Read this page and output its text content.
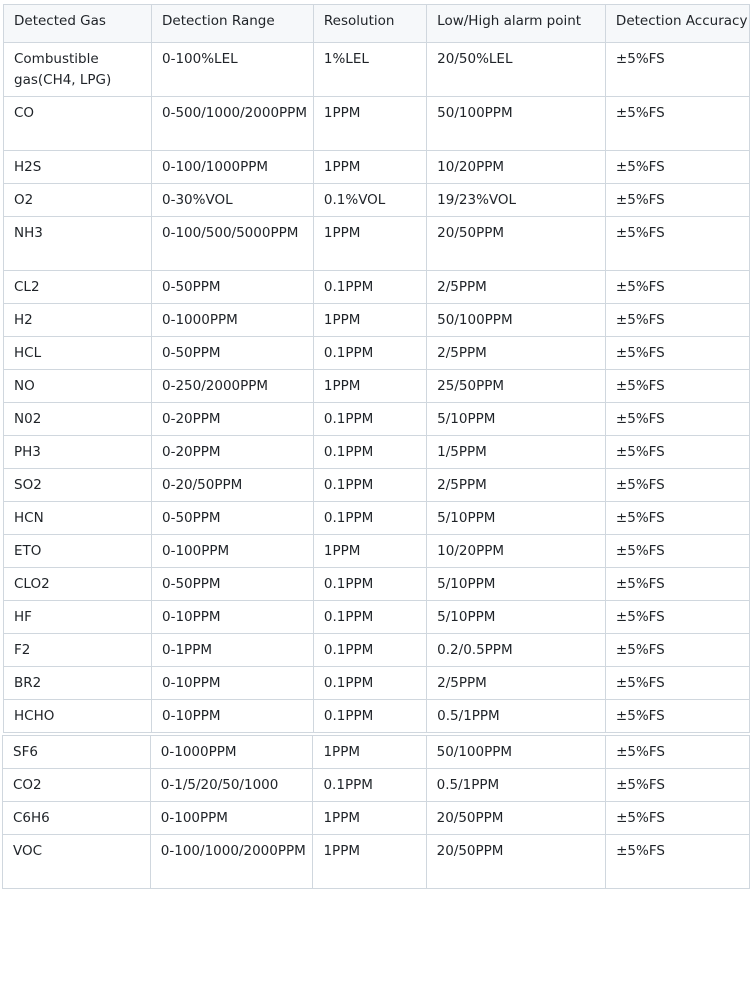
Detected Gas	Detection Range	Resolution	Low/High alarm point	Detection Accuracy
Combustible gas(CH4, LPG)	0-100%LEL	1%LEL	20/50%LEL	±5%FS
CO	0-500/1000/2000PPM	1PPM	50/100PPM	±5%FS
H2S	0-100/1000PPM	1PPM	10/20PPM	±5%FS
O2	0-30%VOL	0.1%VOL	19/23%VOL	±5%FS
NH3	0-100/500/5000PPM	1PPM	20/50PPM	±5%FS
CL2	0-50PPM	0.1PPM	2/5PPM	±5%FS
H2	0-1000PPM	1PPM	50/100PPM	±5%FS
HCL	0-50PPM	0.1PPM	2/5PPM	±5%FS
NO	0-250/2000PPM	1PPM	25/50PPM	±5%FS
N02	0-20PPM	0.1PPM	5/10PPM	±5%FS
PH3	0-20PPM	0.1PPM	1/5PPM	±5%FS
SO2	0-20/50PPM	0.1PPM	2/5PPM	±5%FS
HCN	0-50PPM	0.1PPM	5/10PPM	±5%FS
ETO	0-100PPM	1PPM	10/20PPM	±5%FS
CLO2	0-50PPM	0.1PPM	5/10PPM	±5%FS
HF	0-10PPM	0.1PPM	5/10PPM	±5%FS
F2	0-1PPM	0.1PPM	0.2/0.5PPM	±5%FS
BR2	0-10PPM	0.1PPM	2/5PPM	±5%FS
HCHO	0-10PPM	0.1PPM	0.5/1PPM	±5%FS
SF6	0-1000PPM	1PPM	50/100PPM	±5%FS
CO2	0-1/5/20/50/1000	0.1PPM	0.5/1PPM	±5%FS
C6H6	0-100PPM	1PPM	20/50PPM	±5%FS
VOC	0-100/1000/2000PPM	1PPM	20/50PPM	±5%FS
